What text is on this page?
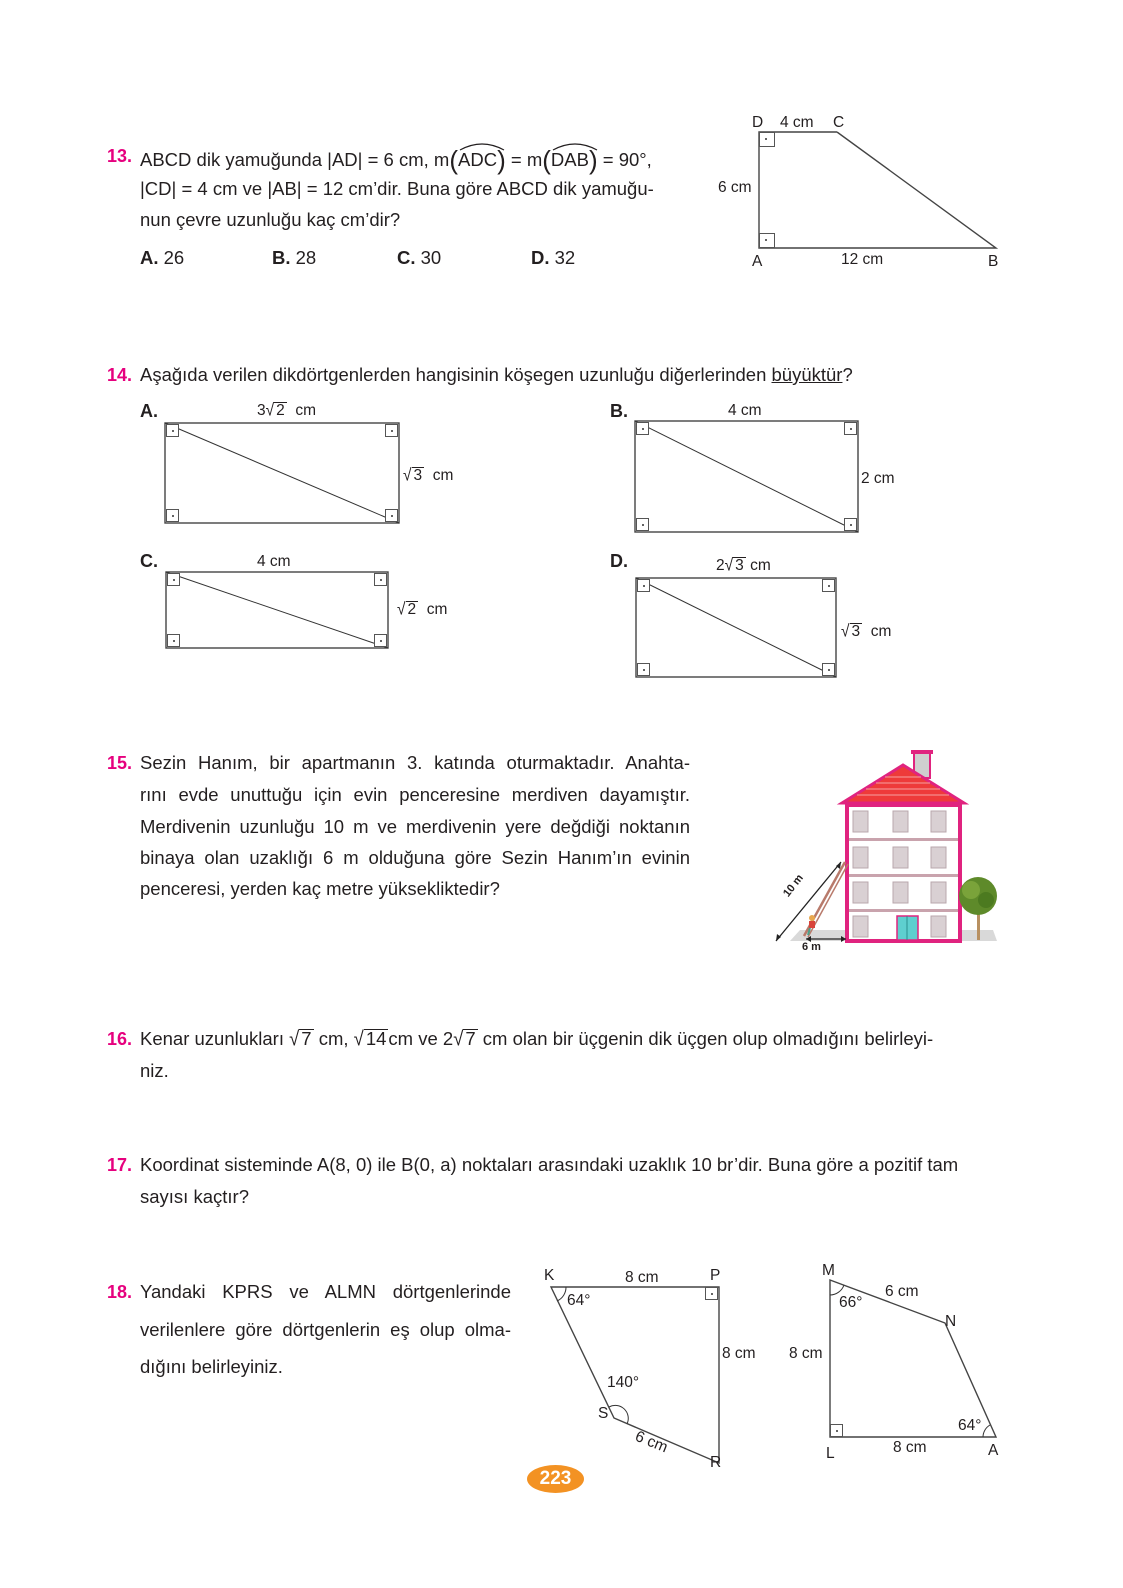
13. ABCD dik yamuğunda |AD| = 6 cm, m(ADC
) = m(DAB
) = 90°,
|CD| = 4 cm ve |AB| = 12 cm’dir. Buna göre ABCD dik yamuğu-
nun çevre uzunluğu kaç cm’dir?
A. 26	B. 28	C. 30	D. 32
D 4 cm C
6 cm
A	12 cm	B
14. Aşağıda verilen dikdörtgenlerden hangisinin köşegen uzunluğu diğerlerinden büyüktür?
A.	3√ 2 cm
√ 3 cm
B.	4 cm
2 cm
C.	4 cm
√ 2 cm
D.	2√ 3 cm
√ 3 cm
15. Sezin Hanım, bir apartmanın 3. katında oturmaktadır. Anahta-
rını evde unuttuğu için evin penceresine merdiven dayamıştır.
Merdivenin uzunluğu 10 m ve merdivenin yere değdiği noktanın
binaya olan uzaklığı 6 m olduğuna göre Sezin Hanım’ın evinin
penceresi, yerden kaç metre yüksekliktedir?	10 m
6 m
16. Kenar uzunlukları √ 7 cm, √ 14 cm ve 2√ 7 cm olan bir üçgenin dik üçgen olup olmadığını belirleyi-
niz.
17. Koordinat sisteminde A(8, 0) ile B(0, a) noktaları arasındaki uzaklık 10 br’dir. Buna göre a pozitif tam
sayısı kaçtır?
18. Yandaki KPRS ve ALMN dörtgenlerinde
verilenlere göre dörtgenlerin eş olup olma-
dığını belirleyiniz.
K	8 cm	P
64°
8 cm
140°
S
6 cm
R
M
6 cm
66°
N
8 cm
64°
L	8 cm	A
223
